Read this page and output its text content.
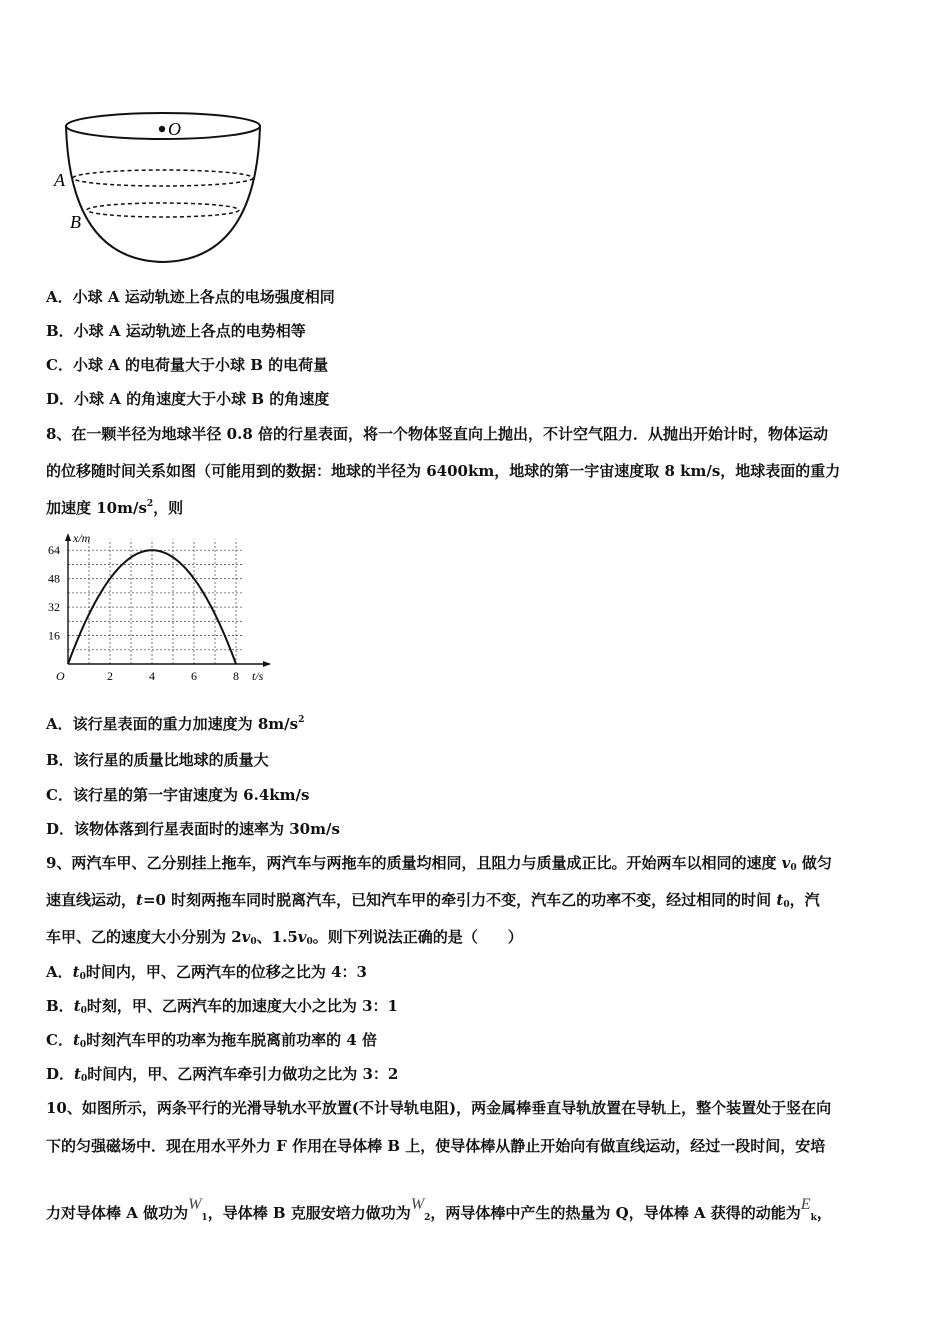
O
A
B
A．小球 A 运动轨迹上各点的电场强度相同
B．小球 A 运动轨迹上各点的电势相等
C．小球 A 的电荷量大于小球 B 的电荷量
D．小球 A 的角速度大于小球 B 的角速度
8、在一颗半径为地球半径 0.8 倍的行星表面，将一个物体竖直向上抛出，不计空气阻力．从抛出开始计时，物体运动
的位移随时间关系如图（可能用到的数据：地球的半径为 6400km，地球的第一宇宙速度取 8 km/s，地球表面的重力
加速度 $10m/s^2$，则
2	4	6	8
16
32
48
64
x/m
t/s
O
A．该行星表面的重力加速度为 $8m/s^2$
B．该行星的质量比地球的质量大
C．该行星的第一宇宙速度为 6.4km/s
D．该物体落到行星表面时的速率为 30m/s
9、两汽车甲、乙分别挂上拖车，两汽车与两拖车的质量均相同，且阻力与质量成正比。开始两车以相同的速度 $v_0$ 做匀
速直线运动，t=0 时刻两拖车同时脱离汽车，已知汽车甲的牵引力不变，汽车乙的功率不变，经过相同的时间 $t_0$，汽
车甲、乙的速度大小分别为 $2v_0$、$1.5v_0$。则下列说法正确的是（　　）
A．$t_0$时间内，甲、乙两汽车的位移之比为 4：3
B．$t_0$时刻，甲、乙两汽车的加速度大小之比为 3：1
C．$t_0$时刻汽车甲的功率为拖车脱离前功率的 4 倍
D．$t_0$时间内，甲、乙两汽车牵引力做功之比为 3：2
10、如图所示，两条平行的光滑导轨水平放置(不计导轨电阻)，两金属棒垂直导轨放置在导轨上，整个装置处于竖在向
下的匀强磁场中．现在用水平外力 F 作用在导体棒 B 上，使导体棒从静止开始向有做直线运动，经过一段时间，安培
力对导体棒 A 做功为$W_1$，导体棒 B 克服安培力做功为$W_2$，两导体棒中产生的热量为 Q，导体棒 A 获得的动能为$E_k$，
